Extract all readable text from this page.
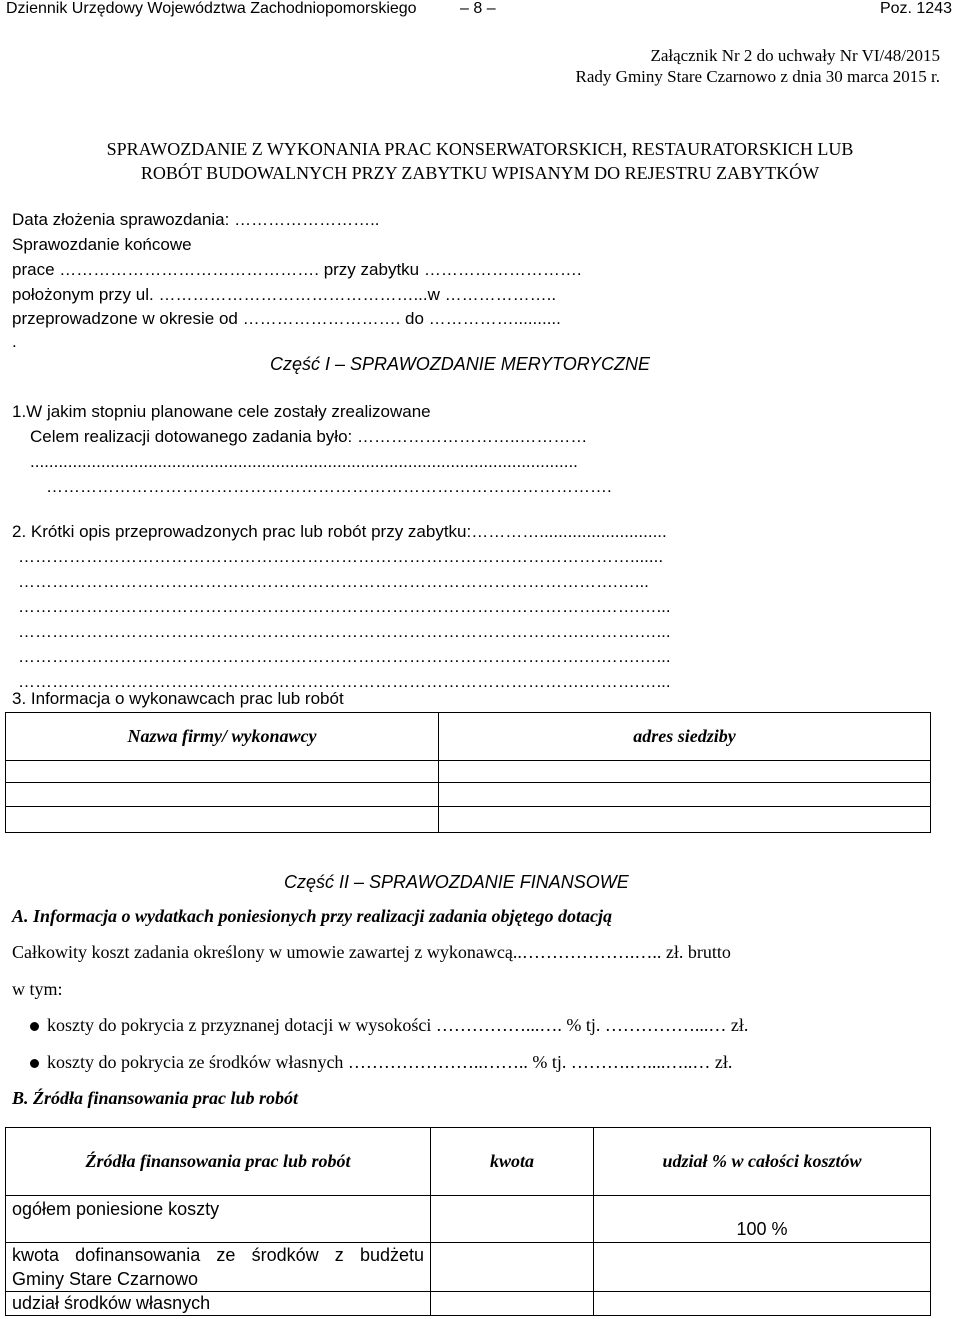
Dziennik Urzędowy Województwa Zachodniopomorskiego	– 8 –	Poz. 1243
Załącznik Nr 2 do uchwały Nr VI/48/2015
Rady Gminy Stare Czarnowo z dnia 30 marca 2015 r.
SPRAWOZDANIE Z WYKONANIA PRAC KONSERWATORSKICH, RESTAURATORSKICH LUB
ROBÓT BUDOWALNYCH PRZY ZABYTKU WPISANYM DO REJESTRU ZABYTKÓW
Data złożenia sprawozdania: ……………………..
Sprawozdanie końcowe
prace ………………………………………. przy zabytku ……………………….
położonym przy ul. ………………………………………...w ………………..
przeprowadzone w okresie od ………………………. do ……………..........
.
Część I – SPRAWOZDANIE MERYTORYCZNE
1.W jakim stopniu planowane cele zostały zrealizowane
Celem realizacji dotowanego zadania było: ………………………..…………
....................................................................................................................
……………………………………………………………………………………….
2. Krótki opis przeprowadzonych prac lub robót przy zabytku:…………...........................
……………………………………………………………………………………………….......
…………………………………………………………………………………………….…...
………………………………………………………………………………………….…….…...
……………………………………………………………………………………….……….…...
……………………………………………………………………………………….……….…...
……………………………………………………………………………………….……….…...
3. Informacja o wykonawcach prac lub robót
Nazwa firmy/ wykonawcy	adres siedziby

Część II – SPRAWOZDANIE FINANSOWE
A. Informacja o wydatkach poniesionych przy realizacji zadania objętego dotacją
Całkowity koszt zadania określony w umowie zawartej z wykonawcą..……………….….. zł. brutto
w tym:
koszty do pokrycia z przyznanej dotacji w wysokości ……………...…. % tj. ……………...… zł.
koszty do pokrycia ze środków własnych …………………..…….. % tj. ……….…....…..… zł.
B. Źródła finansowania prac lub robót
Źródła finansowania prac lub robót	kwota	udział % w całości kosztów
ogółem poniesione koszty		100 %
kwota dofinansowania ze środków z budżetu Gminy Stare Czarnowo		
udział środków własnych		
